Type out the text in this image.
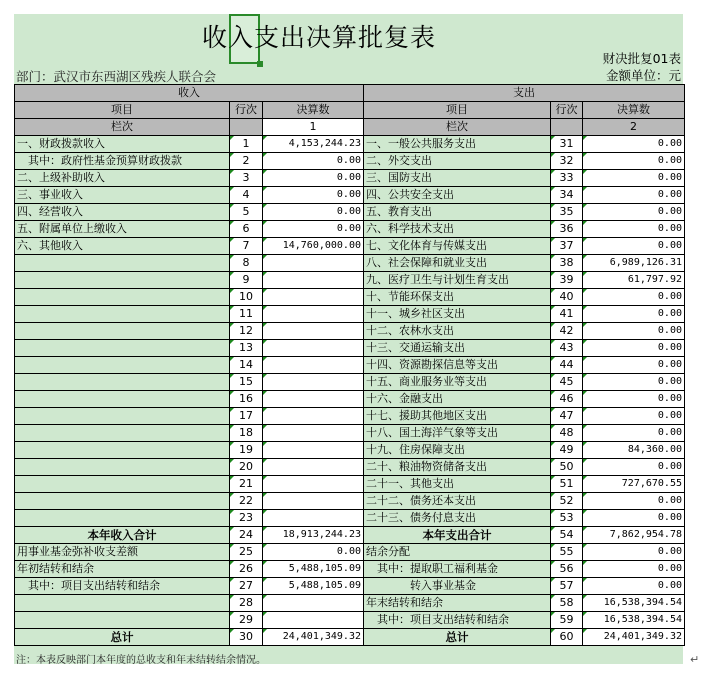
收入支出决算批复表
财决批复01表
金额单位：元
部门：武汉市东西湖区残疾人联合会
收入			支出		
项目	行次	决算数	项目	行次	决算数
栏次		1	栏次		2
一、财政拨款收入	1	4,153,244.23	一、一般公共服务支出	31	0.00
　其中：政府性基金预算财政拨款	2	0.00	二、外交支出	32	0.00
二、上级补助收入	3	0.00	三、国防支出	33	0.00
三、事业收入	4	0.00	四、公共安全支出	34	0.00
四、经营收入	5	0.00	五、教育支出	35	0.00
五、附属单位上缴收入	6	0.00	六、科学技术支出	36	0.00
六、其他收入	7	14,760,000.00	七、文化体育与传媒支出	37	0.00
	8		八、社会保障和就业支出	38	6,989,126.31
	9		九、医疗卫生与计划生育支出	39	61,797.92
	10		十、节能环保支出	40	0.00
	11		十一、城乡社区支出	41	0.00
	12		十二、农林水支出	42	0.00
	13		十三、交通运输支出	43	0.00
	14		十四、资源勘探信息等支出	44	0.00
	15		十五、商业服务业等支出	45	0.00
	16		十六、金融支出	46	0.00
	17		十七、援助其他地区支出	47	0.00
	18		十八、国土海洋气象等支出	48	0.00
	19		十九、住房保障支出	49	84,360.00
	20		二十、粮油物资储备支出	50	0.00
	21		二十一、其他支出	51	727,670.55
	22		二十二、债务还本支出	52	0.00
	23		二十三、债务付息支出	53	0.00
本年收入合计	24	18,913,244.23	本年支出合计	54	7,862,954.78
用事业基金弥补收支差额	25	0.00	结余分配	55	0.00
年初结转和结余	26	5,488,105.09	　其中：提取职工福利基金	56	0.00
　其中：项目支出结转和结余	27	5,488,105.09	　　　　转入事业基金	57	0.00
	28		年末结转和结余	58	16,538,394.54
	29		　其中：项目支出结转和结余	59	16,538,394.54
总计	30	24,401,349.32	总计	60	24,401,349.32
注：本表反映部门本年度的总收支和年末结转结余情况。	↵
